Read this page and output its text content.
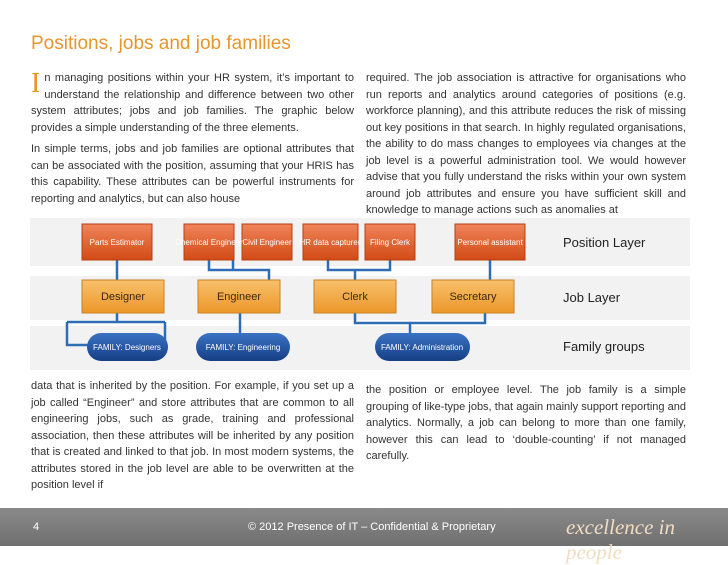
Positions, jobs and job families

In managing positions within your HR system, it’s important to understand the relationship and difference between two other system attributes; jobs and job families. The graphic below provides a simple understanding of the three elements.

In simple terms, jobs and job families are optional attributes that can be associated with the position, assuming that your HRIS has this capability. These attributes can be powerful instruments for reporting and analytics, but can also house

required. The job association is attractive for organisations who run reports and analytics around categories of positions (e.g. workforce planning), and this attribute reduces the risk of missing out key positions in that search. In highly regulated organisations, the ability to do mass changes to employees via changes at the job level is a powerful administration tool. We would however advise that you fully understand the risks within your own system around job attributes and ensure you have sufficient skill and knowledge to manage actions such as anomalies at

Parts Estimator	Chemical Engineer Civil Engineer HR data capturer Filing Clerk	Personal assistant
Designer	Engineer	Clerk	Secretary
FAMILY: Designers	FAMILY: Engineering	FAMILY: Administration
Position Layer
Job Layer
Family groups

data that is inherited by the position. For example, if you set up a job called “Engineer” and store attributes that are common to all engineering jobs, such as grade, training and professional association, then these attributes will be inherited by any position that is created and linked to that job. In most modern systems, the attributes stored in the job level are able to be overwritten at the position level if

the position or employee level. The job family is a simple grouping of like-type jobs, that again mainly support reporting and analytics. Normally, a job can belong to more than one family, however this can lead to ‘double-counting’ if not managed carefully.

4	© 2012 Presence of IT – Confidential & Proprietary	excellence in people
